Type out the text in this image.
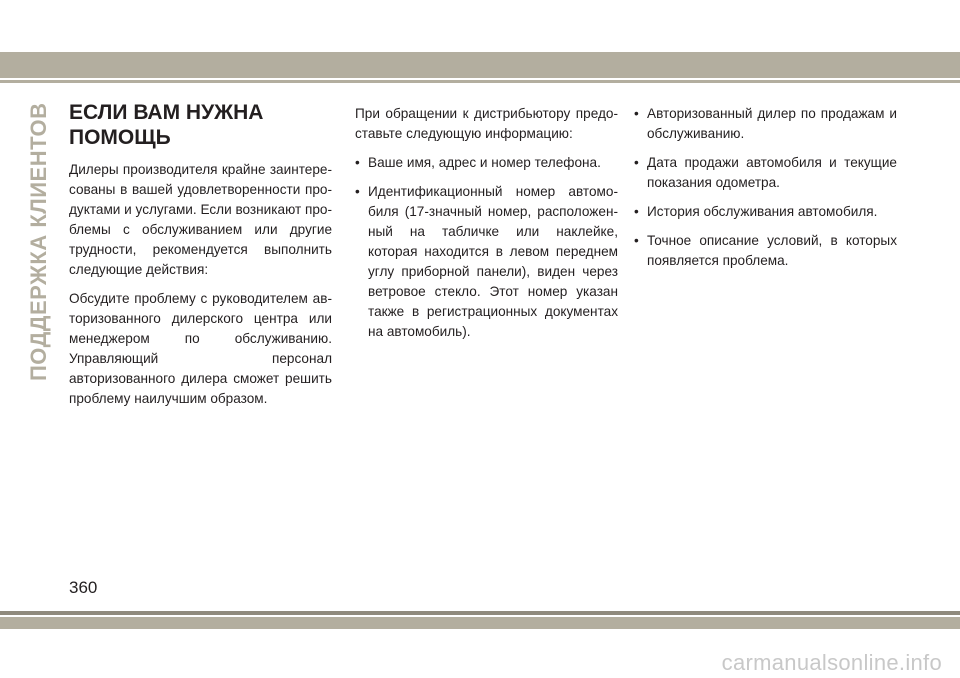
ПОДДЕРЖКА КЛИЕНТОВ ЕСЛИ ВАМ НУЖНА
ПОМОЩЬ

Дилеры производителя крайне заинтересованы в вашей удовлетворенности продуктами и услугами. Если возникают проблемы с обслуживанием или другие трудности, рекомендуется выполнить следующие действия:

Обсудите проблему с руководителем авторизованного дилерского центра или менеджером по обслуживанию. Управляющий персонал авторизованного дилера сможет решить проблему наилучшим образом.

При обращении к дистрибьютору предоставьте следующую информацию:

• Ваше имя, адрес и номер телефона.
• Идентификационный номер автомобиля (17-значный номер, расположенный на табличке или наклейке, которая находится в левом переднем углу приборной панели), виден через ветровое стекло. Этот номер указан также в регистрационных документах на автомобиль).
• Авторизованный дилер по продажам и обслуживанию.
• Дата продажи автомобиля и текущие показания одометра.
• История обслуживания автомобиля.
• Точное описание условий, в которых появляется проблема.
360
carmanualsonline.info
